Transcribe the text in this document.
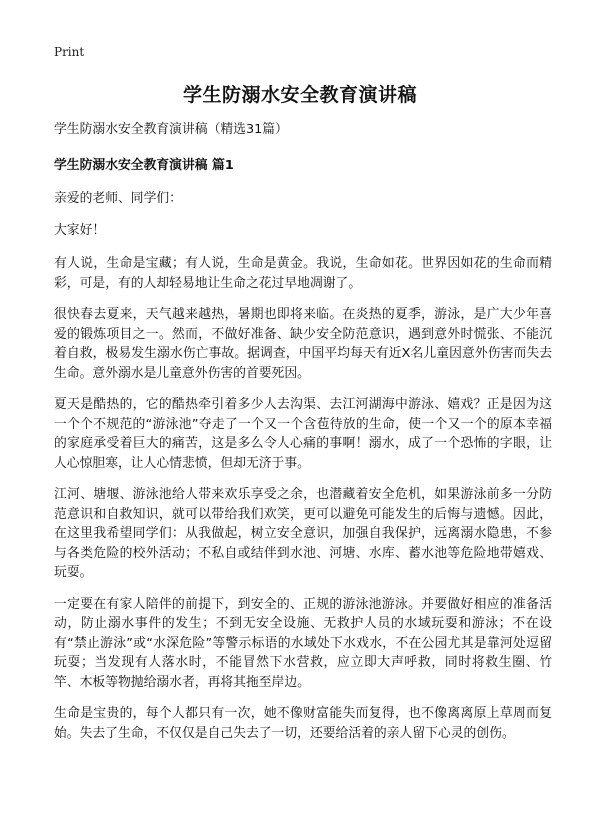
Print
学生防溺水安全教育演讲稿

学生防溺水安全教育演讲稿（精选31篇）

学生防溺水安全教育演讲稿 篇1

亲爱的老师、同学们：

大家好！

有人说，生命是宝藏；有人说，生命是黄金。我说，生命如花。世界因如花的生命而精彩，可是，有的人却轻易地让生命之花过早地凋谢了。

很快春去夏来，天气越来越热，暑期也即将来临。在炎热的夏季，游泳，是广大少年喜爱的锻炼项目之一。然而，不做好准备、缺少安全防范意识，遇到意外时慌张、不能沉着自救，极易发生溺水伤亡事故。据调查，中国平均每天有近X名儿童因意外伤害而失去生命。意外溺水是儿童意外伤害的首要死因。

夏天是酷热的，它的酷热牵引着多少人去沟渠、去江河湖海中游泳、嬉戏？正是因为这一个个不规范的“游泳池”夺走了一个又一个含苞待放的生命，使一个又一个的原本幸福的家庭承受着巨大的痛苦，这是多么令人心痛的事啊！溺水，成了一个恐怖的字眼，让人心惊胆寒，让人心情悲愤，但却无济于事。

江河、塘堰、游泳池给人带来欢乐享受之余，也潜藏着安全危机，如果游泳前多一分防范意识和自救知识，就可以带给我们欢笑，更可以避免可能发生的后悔与遗憾。因此，在这里我希望同学们：从我做起，树立安全意识，加强自我保护，远离溺水隐患，不参与各类危险的校外活动；不私自或结伴到水池、河塘、水库、蓄水池等危险地带嬉戏、玩耍。

一定要在有家人陪伴的前提下，到安全的、正规的游泳池游泳。并要做好相应的准备活动，防止溺水事件的发生；不到无安全设施、无救护人员的水域玩耍和游泳；不在设有“禁止游泳”或“水深危险”等警示标语的水域处下水戏水，不在公园尤其是靠河处逗留玩耍；当发现有人落水时，不能冒然下水营救，应立即大声呼救，同时将救生圈、竹竿、木板等物抛给溺水者，再将其拖至岸边。

生命是宝贵的，每个人都只有一次，她不像财富能失而复得，也不像离离原上草周而复始。失去了生命，不仅仅是自己失去了一切，还要给活着的亲人留下心灵的创伤。
